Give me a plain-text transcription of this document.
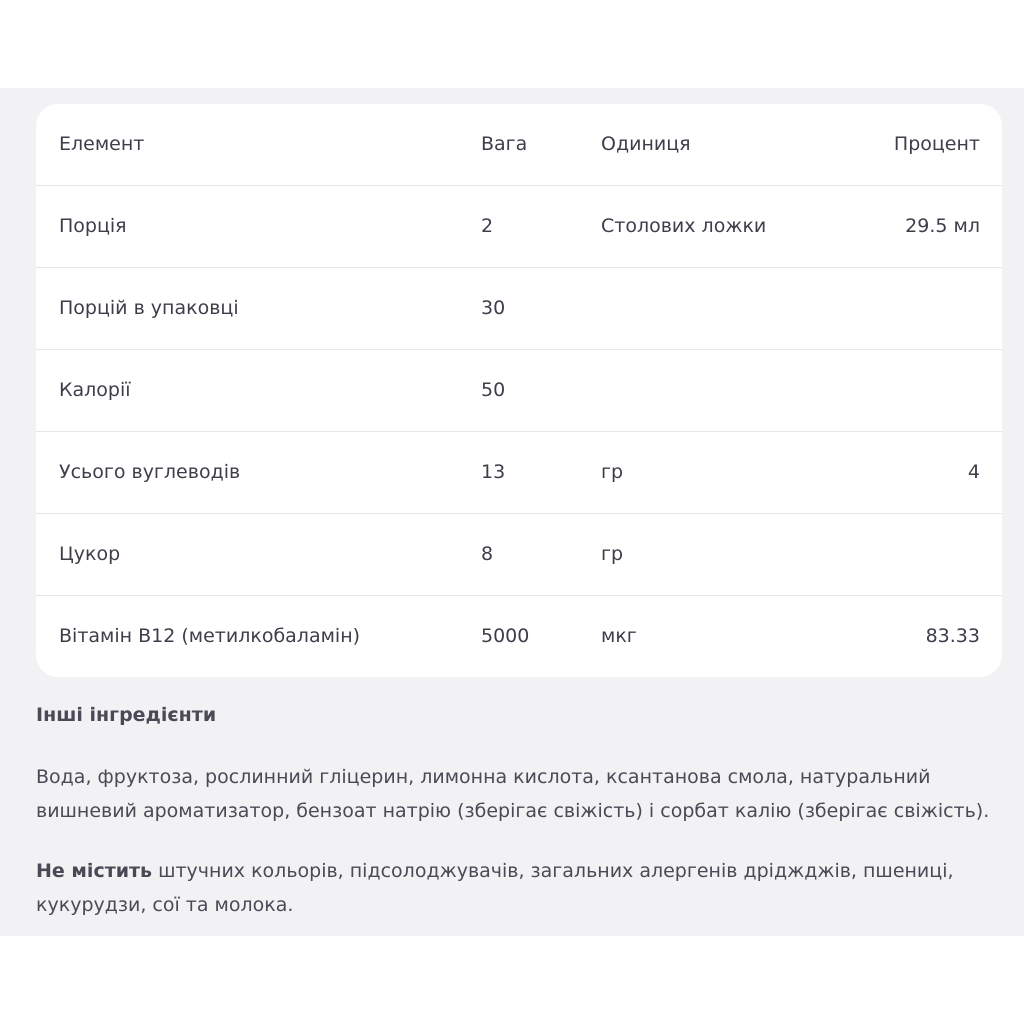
Елемент	Вага	Одиниця	Процент
Порція	2	Столових ложки	29.5 мл
Порцій в упаковці	30
Калорії	50
Усього вуглеводів	13	гр	4
Цукор	8	гр
Вітамін B12 (метилкобаламін)	5000	мкг	83.33

Інші інгредієнти

Вода, фруктоза, рослинний гліцерин, лимонна кислота, ксантанова смола, натуральний вишневий ароматизатор, бензоат натрію (зберігає свіжість) і сорбат калію (зберігає свіжість).

Не містить штучних кольорів, підсолоджувачів, загальних алергенів дріджджів, пшениці, кукурудзи, сої та молока.
